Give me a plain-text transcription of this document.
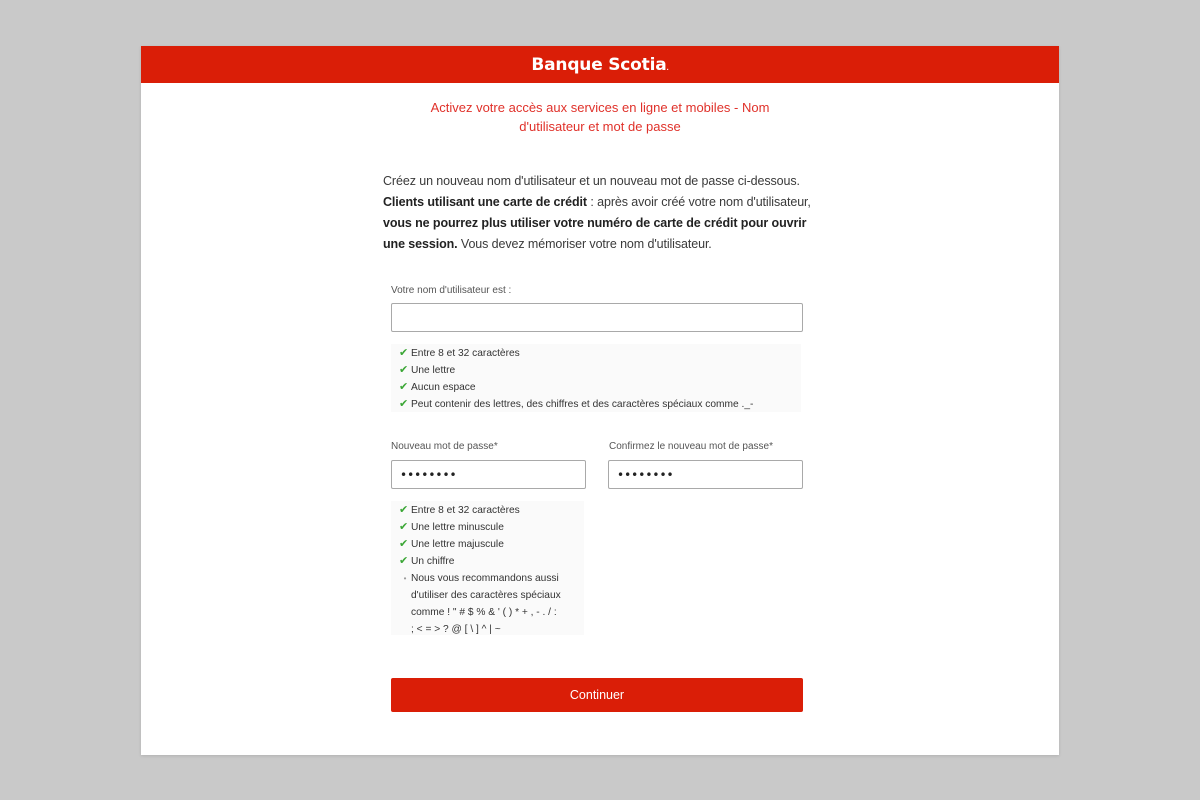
Banque Scotia.
Activez votre accès aux services en ligne et mobiles - Nom d'utilisateur et mot de passe
Créez un nouveau nom d'utilisateur et un nouveau mot de passe ci-dessous. Clients utilisant une carte de crédit : après avoir créé votre nom d'utilisateur, vous ne pourrez plus utiliser votre numéro de carte de crédit pour ouvrir une session. Vous devez mémoriser votre nom d'utilisateur.
Votre nom d'utilisateur est :
✔ Entre 8 et 32 caractères
✔ Une lettre
✔ Aucun espace
✔ Peut contenir des lettres, des chiffres et des caractères spéciaux comme ._-
Nouveau mot de passe*
••••••••	Confirmez le nouveau mot de passe*
••••••••
✔ Entre 8 et 32 caractères
✔ Une lettre minuscule
✔ Une lettre majuscule
✔ Un chiffre
• Nous vous recommandons aussi d'utiliser des caractères spéciaux comme ! " # $ % & ' ( ) * + , - . / : ; < = > ? @ [ \ ] ^ | ~
Continuer
